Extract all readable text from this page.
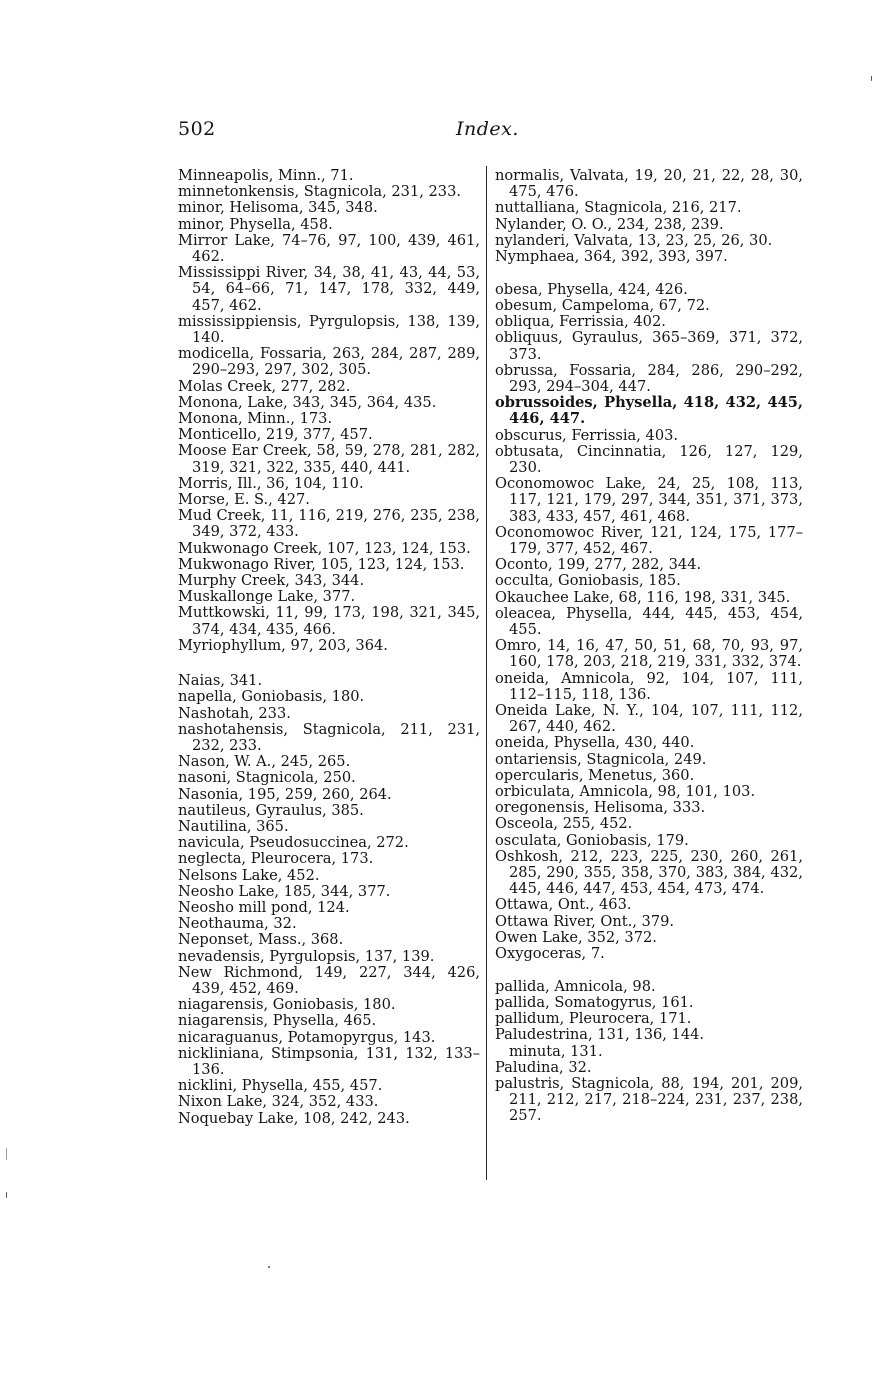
502	Index.
Minneapolis, Minn., 71.
minnetonkensis, Stagnicola, 231, 233.
minor, Helisoma, 345, 348.
minor, Physella, 458.
Mirror Lake, 74–76, 97, 100, 439, 461, 462.
Mississippi River, 34, 38, 41, 43, 44, 53, 54, 64–66, 71, 147, 178, 332, 449, 457, 462.
mississippiensis, Pyrgulopsis, 138, 139, 140.
modicella, Fossaria, 263, 284, 287, 289, 290–293, 297, 302, 305.
Molas Creek, 277, 282.
Monona, Lake, 343, 345, 364, 435.
Monona, Minn., 173.
Monticello, 219, 377, 457.
Moose Ear Creek, 58, 59, 278, 281, 282, 319, 321, 322, 335, 440, 441.
Morris, Ill., 36, 104, 110.
Morse, E. S., 427.
Mud Creek, 11, 116, 219, 276, 235, 238, 349, 372, 433.
Mukwonago Creek, 107, 123, 124, 153.
Mukwonago River, 105, 123, 124, 153.
Murphy Creek, 343, 344.
Muskallonge Lake, 377.
Muttkowski, 11, 99, 173, 198, 321, 345, 374, 434, 435, 466.
Myriophyllum, 97, 203, 364.
Naias, 341.
napella, Goniobasis, 180.
Nashotah, 233.
nashotahensis, Stagnicola, 211, 231, 232, 233.
Nason, W. A., 245, 265.
nasoni, Stagnicola, 250.
Nasonia, 195, 259, 260, 264.
nautileus, Gyraulus, 385.
Nautilina, 365.
navicula, Pseudosuccinea, 272.
neglecta, Pleurocera, 173.
Nelsons Lake, 452.
Neosho Lake, 185, 344, 377.
Neosho mill pond, 124.
Neothauma, 32.
Neponset, Mass., 368.
nevadensis, Pyrgulopsis, 137, 139.
New Richmond, 149, 227, 344, 426, 439, 452, 469.
niagarensis, Goniobasis, 180.
niagarensis, Physella, 465.
nicaraguanus, Potamopyrgus, 143.
nickliniana, Stimpsonia, 131, 132, 133–136.
nicklini, Physella, 455, 457.
Nixon Lake, 324, 352, 433.
Noquebay Lake, 108, 242, 243.
normalis, Valvata, 19, 20, 21, 22, 28, 30, 475, 476.
nuttalliana, Stagnicola, 216, 217.
Nylander, O. O., 234, 238, 239.
nylanderi, Valvata, 13, 23, 25, 26, 30.
Nymphaea, 364, 392, 393, 397.
obesa, Physella, 424, 426.
obesum, Campeloma, 67, 72.
obliqua, Ferrissia, 402.
obliquus, Gyraulus, 365–369, 371, 372, 373.
obrussa, Fossaria, 284, 286, 290–292, 293, 294–304, 447.
obrussoides, Physella, 418, 432, 445, 446, 447.
obscurus, Ferrissia, 403.
obtusata, Cincinnatia, 126, 127, 129, 230.
Oconomowoc Lake, 24, 25, 108, 113, 117, 121, 179, 297, 344, 351, 371, 373, 383, 433, 457, 461, 468.
Oconomowoc River, 121, 124, 175, 177–179, 377, 452, 467.
Oconto, 199, 277, 282, 344.
occulta, Goniobasis, 185.
Okauchee Lake, 68, 116, 198, 331, 345.
oleacea, Physella, 444, 445, 453, 454, 455.
Omro, 14, 16, 47, 50, 51, 68, 70, 93, 97, 160, 178, 203, 218, 219, 331, 332, 374.
oneida, Amnicola, 92, 104, 107, 111, 112–115, 118, 136.
Oneida Lake, N. Y., 104, 107, 111, 112, 267, 440, 462.
oneida, Physella, 430, 440.
ontariensis, Stagnicola, 249.
opercularis, Menetus, 360.
orbiculata, Amnicola, 98, 101, 103.
oregonensis, Helisoma, 333.
Osceola, 255, 452.
osculata, Goniobasis, 179.
Oshkosh, 212, 223, 225, 230, 260, 261, 285, 290, 355, 358, 370, 383, 384, 432, 445, 446, 447, 453, 454, 473, 474.
Ottawa, Ont., 463.
Ottawa River, Ont., 379.
Owen Lake, 352, 372.
Oxygoceras, 7.
pallida, Amnicola, 98.
pallida, Somatogyrus, 161.
pallidum, Pleurocera, 171.
Paludestrina, 131, 136, 144.
minuta, 131.
Paludina, 32.
palustris, Stagnicola, 88, 194, 201, 209, 211, 212, 217, 218–224, 231, 237, 238, 257.
